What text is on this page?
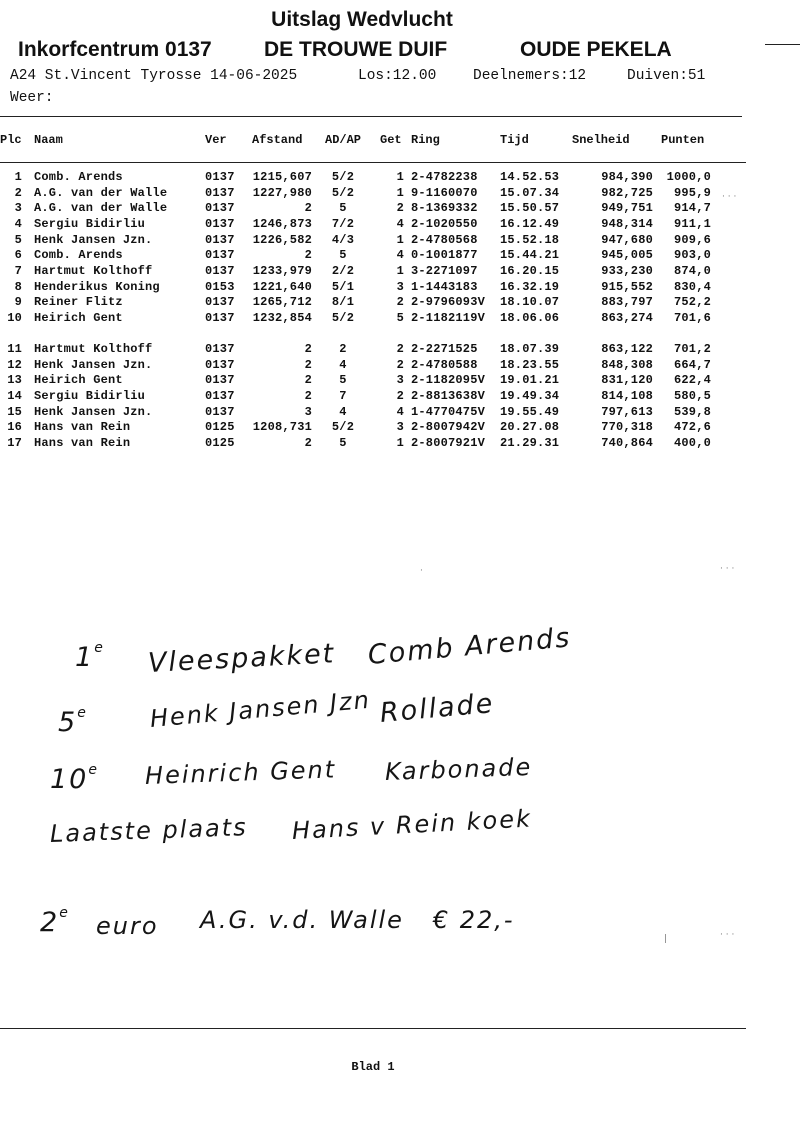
Uitslag Wedvlucht
Inkorfcentrum 0137 DE TROUWE DUIF	OUDE PEKELA
A24 St.Vincent Tyrosse 14-06-2025	Los:12.00	Deelnemers:12	Duiven:51
Weer:
Plc Naam	Ver Afstand AD/AP Get Ring	Tijd	Snelheid	Punten
1 Comb. Arends	0137	1215,607	5/2	1 2-4782238	14.52.53	984,390	1000,0
2 A.G. van der Walle	0137	1227,980	5/2	1 9-1160070	15.07.34	982,725	995,9
3 A.G. van der Walle	0137	2	5	2 8-1369332	15.50.57	949,751	914,7
4 Sergiu Bidirliu	0137	1246,873	7/2	4 2-1020550	16.12.49	948,314	911,1
5 Henk Jansen Jzn.	0137	1226,582	4/3	1 2-4780568	15.52.18	947,680	909,6
6 Comb. Arends	0137	2	5	4 0-1001877	15.44.21	945,005	903,0
7 Hartmut Kolthoff	0137	1233,979	2/2	1 3-2271097	16.20.15	933,230	874,0
8 Henderikus Koning	0153	1221,640	5/1	3 1-1443183	16.32.19	915,552	830,4
9 Reiner Flitz	0137	1265,712	8/1	2 2-9796093V	18.10.07	883,797	752,2
10 Heirich Gent	0137	1232,854	5/2	5 2-1182119V	18.06.06	863,274	701,6
11 Hartmut Kolthoff	0137	2	2	2 2-2271525	18.07.39	863,122	701,2
12 Henk Jansen Jzn.	0137	2	4	2 2-4780588	18.23.55	848,308	664,7
13 Heirich Gent	0137	2	5	3 2-1182095V	19.01.21	831,120	622,4
14 Sergiu Bidirliu	0137	2	7	2 2-8813638V	19.49.34	814,108	580,5
15 Henk Jansen Jzn.	0137	3	4	4 1-4770475V	19.55.49	797,613	539,8
16 Hans van Rein	0125	1208,731	5/2	3 2-8007942V	20.27.08	770,318	472,6
17 Hans van Rein	0125	2	5	1 2-8007921V	21.29.31	740,864	400,0
1e Vleespakket Comb Arends
5e	Henk Jansen Jzn Rollade
10e Heinrich Gent Karbonade
Laatste plaats Hans v Rein koek
2e euro A.G. v.d. Walle   € 22,-
· · ·
· · ·
·
· · ·
|
Blad 1
